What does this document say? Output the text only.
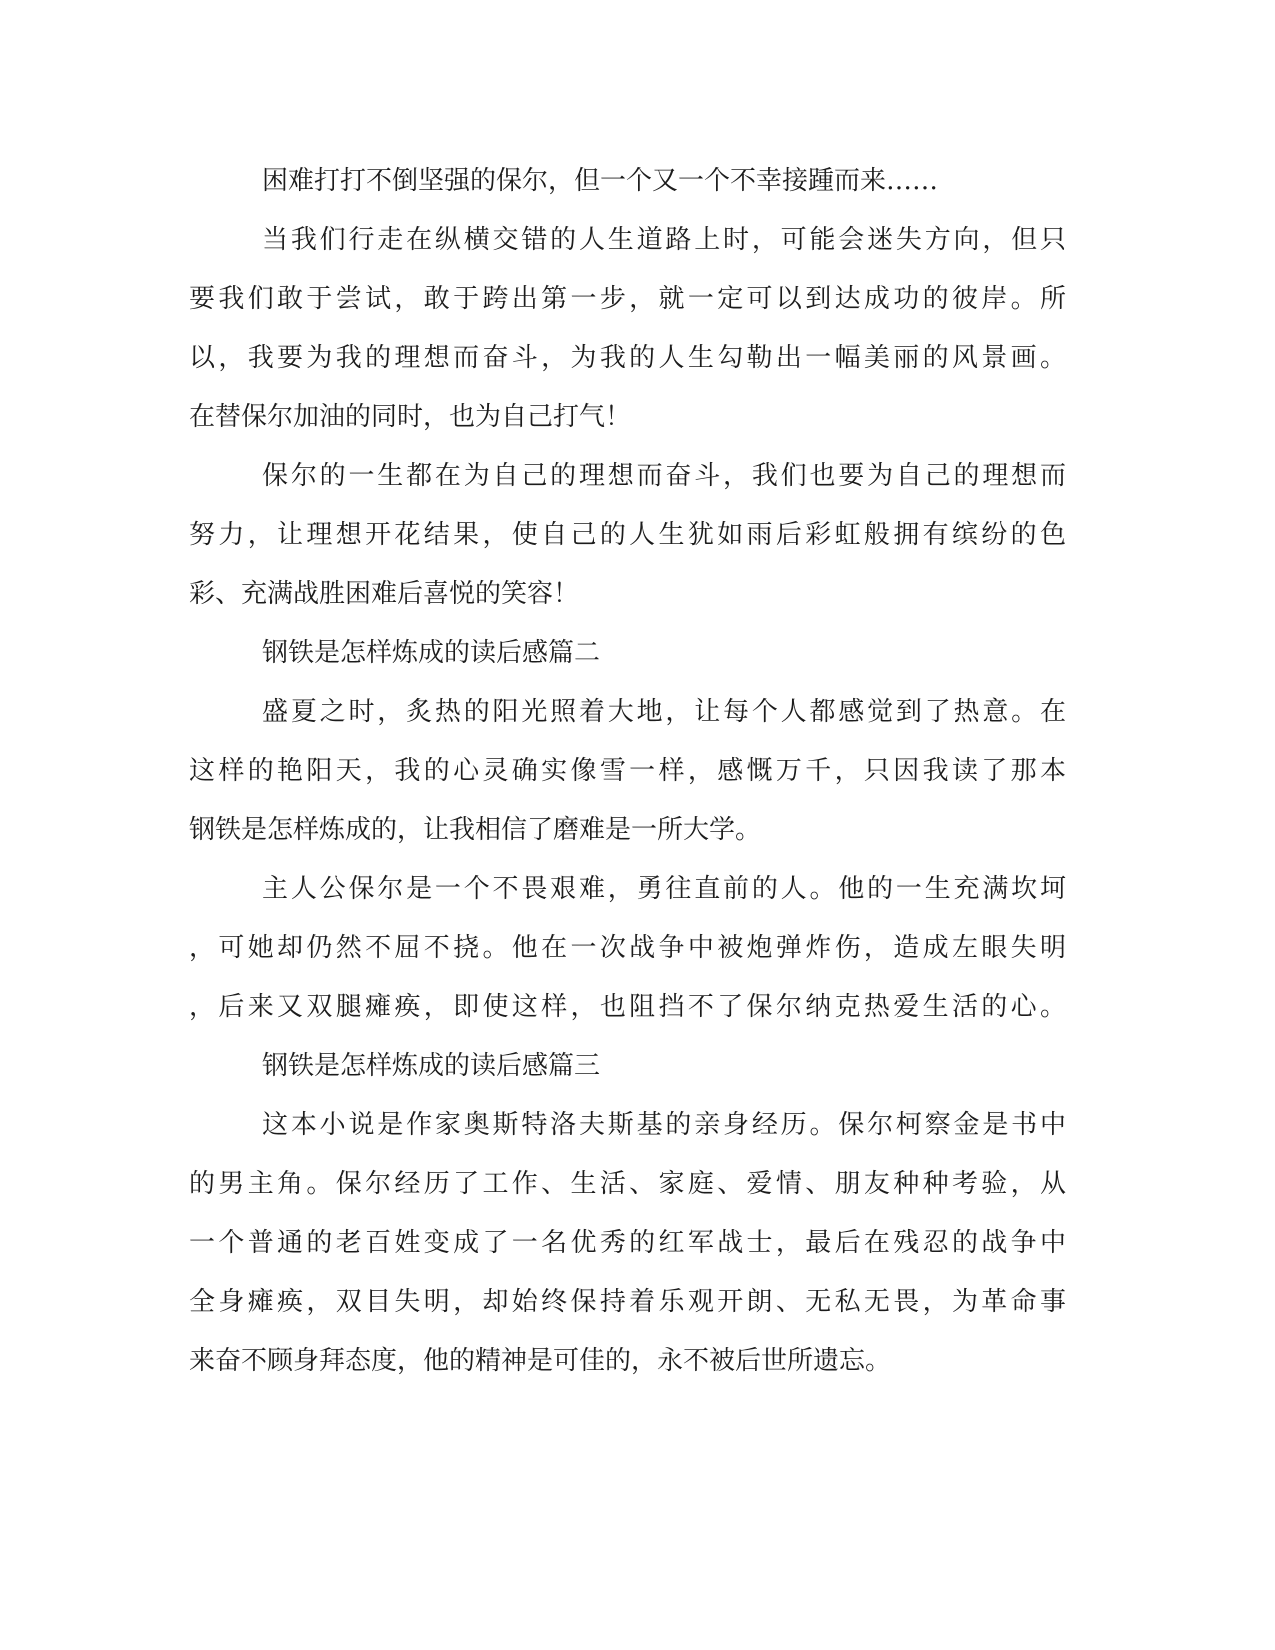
困难打打不倒坚强的保尔，但一个又一个不幸接踵而来……

当我们行走在纵横交错的人生道路上时，可能会迷失方向，但只

要我们敢于尝试，敢于跨出第一步，就一定可以到达成功的彼岸。所

以，我要为我的理想而奋斗，为我的人生勾勒出一幅美丽的风景画。

在替保尔加油的同时，也为自己打气！

保尔的一生都在为自己的理想而奋斗，我们也要为自己的理想而

努力，让理想开花结果，使自己的人生犹如雨后彩虹般拥有缤纷的色

彩、充满战胜困难后喜悦的笑容！

钢铁是怎样炼成的读后感篇二

盛夏之时，炙热的阳光照着大地，让每个人都感觉到了热意。在

这样的艳阳天，我的心灵确实像雪一样，感慨万千，只因我读了那本

钢铁是怎样炼成的，让我相信了磨难是一所大学。

主人公保尔是一个不畏艰难，勇往直前的人。他的一生充满坎坷

，可她却仍然不屈不挠。他在一次战争中被炮弹炸伤，造成左眼失明

，后来又双腿瘫痪，即使这样，也阻挡不了保尔纳克热爱生活的心。

钢铁是怎样炼成的读后感篇三

这本小说是作家奥斯特洛夫斯基的亲身经历。保尔柯察金是书中

的男主角。保尔经历了工作、生活、家庭、爱情、朋友种种考验，从

一个普通的老百姓变成了一名优秀的红军战士，最后在残忍的战争中

全身瘫痪，双目失明，却始终保持着乐观开朗、无私无畏，为革命事

来奋不顾身拜态度，他的精神是可佳的，永不被后世所遗忘。
